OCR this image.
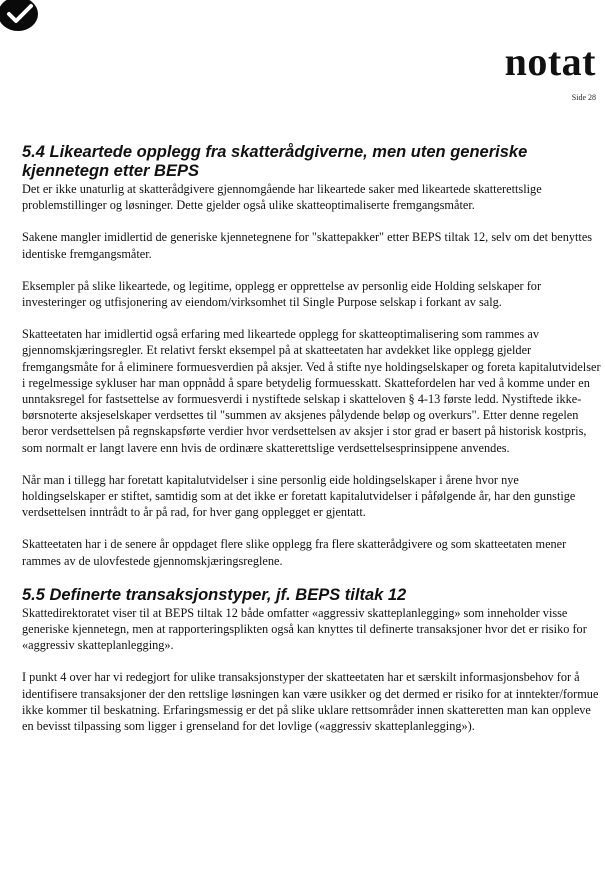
notat
Side 28
5.4 Likeartede opplegg fra skatterådgiverne, men uten generiske kjennetegn etter BEPS

Det er ikke unaturlig at skatterådgivere gjennomgående har likeartede saker med likeartede skatterettslige problemstillinger og løsninger. Dette gjelder også ulike skatteoptimaliserte fremgangsmåter.

Sakene mangler imidlertid de generiske kjennetegnene for "skattepakker" etter BEPS tiltak 12, selv om det benyttes identiske fremgangsmåter.

Eksempler på slike likeartede, og legitime, opplegg er opprettelse av personlig eide Holding selskaper for investeringer og utfisjonering av eiendom/virksomhet til Single Purpose selskap i forkant av salg.

Skatteetaten har imidlertid også erfaring med likeartede opplegg for skatteoptimalisering som rammes av gjennomskjæringsregler. Et relativt ferskt eksempel på at skatteetaten har avdekket like opplegg gjelder fremgangsmåte for å eliminere formuesverdien på aksjer. Ved å stifte nye holdingselskaper og foreta kapitalutvidelser i regelmessige sykluser har man oppnådd å spare betydelig formuesskatt. Skattefordelen har ved å komme under en unntaksregel for fastsettelse av formuesverdi i nystiftede selskap i skatteloven § 4-13 første ledd. Nystiftede ikke-børsnoterte aksjeselskaper verdsettes til "summen av aksjenes pålydende beløp og overkurs". Etter denne regelen beror verdsettelsen på regnskapsførte verdier hvor verdsettelsen av aksjer i stor grad er basert på historisk kostpris, som normalt er langt lavere enn hvis de ordinære skatterettslige verdsettelsesprinsippene anvendes.

Når man i tillegg har foretatt kapitalutvidelser i sine personlig eide holdingselskaper i årene hvor nye holdingselskaper er stiftet, samtidig som at det ikke er foretatt kapitalutvidelser i påfølgende år, har den gunstige verdsettelsen inntrådt to år på rad, for hver gang opplegget er gjentatt.

Skatteetaten har i de senere år oppdaget flere slike opplegg fra flere skatterådgivere og som skatteetaten mener rammes av de ulovfestede gjennomskjæringsreglene.

5.5 Definerte transaksjonstyper, jf. BEPS tiltak 12

Skattedirektoratet viser til at BEPS tiltak 12 både omfatter «aggressiv skatteplanlegging» som inneholder visse generiske kjennetegn, men at rapporteringsplikten også kan knyttes til definerte transaksjoner hvor det er risiko for «aggressiv skatteplanlegging».

I punkt 4 over har vi redegjort for ulike transaksjonstyper der skatteetaten har et særskilt informasjonsbehov for å identifisere transaksjoner der den rettslige løsningen kan være usikker og det dermed er risiko for at inntekter/formue ikke kommer til beskatning. Erfaringsmessig er det på slike uklare rettsområder innen skatteretten man kan oppleve en bevisst tilpassing som ligger i grenseland for det lovlige («aggressiv skatteplanlegging»).
